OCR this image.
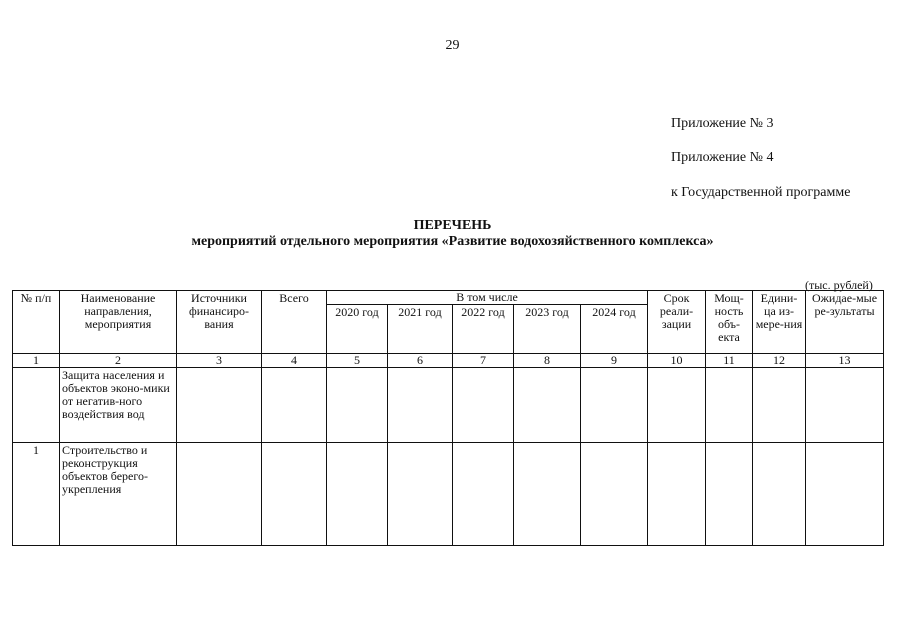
29
Приложение № 3
Приложение № 4
к Государственной программе
ПЕРЕЧЕНЬ
мероприятий отдельного мероприятия «Развитие водохозяйственного комплекса»
(тыс. рублей)
№ п/п	Наименование направления, мероприятия	Источники финансиро-вания	Всего	В том числе					Срок реали-зации	Мощ-ность объ-екта	Едини-ца из-мере-ния	Ожидае-мые ре-зультаты
				2020 год	2021 год	2022 год	2023 год	2024 год				
1	2	3	4	5	6	7	8	9	10	11	12	13
	Защита населения и объектов эконо-мики от негатив-ного воздействия вод											
1	Строительство и реконструкция объектов берего-укрепления											
